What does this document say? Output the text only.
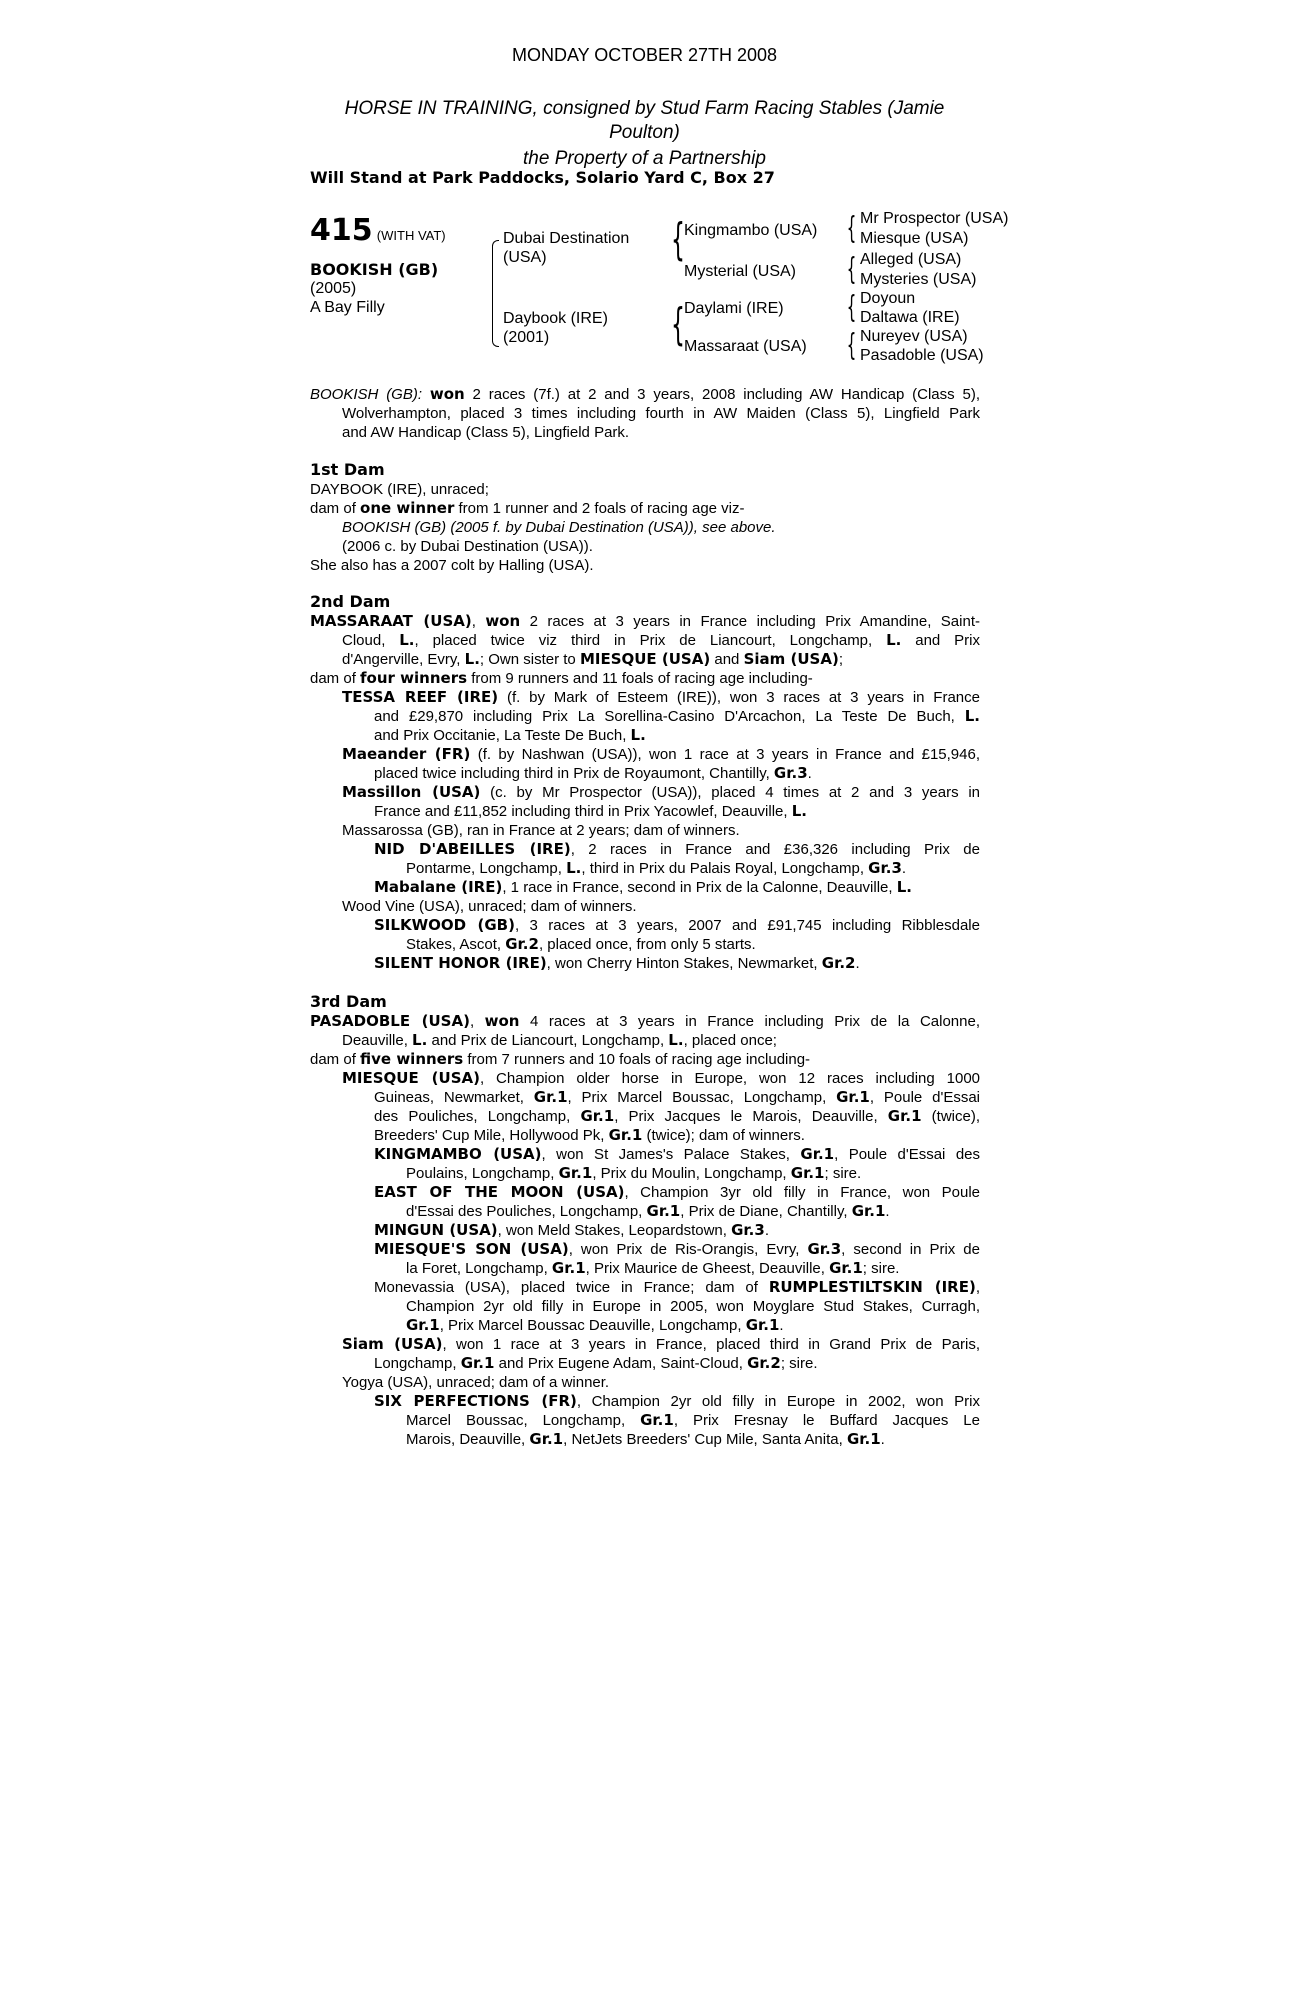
MONDAY OCTOBER 27TH 2008
HORSE IN TRAINING, consigned by Stud Farm Racing Stables (Jamie
Poulton)
the Property of a Partnership
Will Stand at Park Paddocks, Solario Yard C, Box 27
415 (WITH VAT)
BOOKISH (GB)
(2005)
A Bay Filly
Dubai Destination
(USA)
Daybook (IRE)
(2001)
{
{
Kingmambo (USA)
Mysterial (USA)
Daylami (IRE)
Massaraat (USA)
{
{
{
{
Mr Prospector (USA)
Miesque (USA)
Alleged (USA)
Mysteries (USA)
Doyoun
Daltawa (IRE)
Nureyev (USA)
Pasadoble (USA)
BOOKISH (GB): won 2 races (7f.) at 2 and 3 years, 2008 including AW Handicap (Class 5),
Wolverhampton, placed 3 times including fourth in AW Maiden (Class 5), Lingfield Park
and AW Handicap (Class 5), Lingfield Park.
1st Dam
DAYBOOK (IRE), unraced;
dam of one winner from 1 runner and 2 foals of racing age viz-
BOOKISH (GB) (2005 f. by Dubai Destination (USA)), see above.
(2006 c. by Dubai Destination (USA)).
She also has a 2007 colt by Halling (USA).
2nd Dam
MASSARAAT (USA), won 2 races at 3 years in France including Prix Amandine, Saint-
Cloud, L., placed twice viz third in Prix de Liancourt, Longchamp, L. and Prix
d'Angerville, Evry, L.; Own sister to MIESQUE (USA) and Siam (USA);
dam of four winners from 9 runners and 11 foals of racing age including-
TESSA REEF (IRE) (f. by Mark of Esteem (IRE)), won 3 races at 3 years in France
and £29,870 including Prix La Sorellina-Casino D'Arcachon, La Teste De Buch, L.
and Prix Occitanie, La Teste De Buch, L.
Maeander (FR) (f. by Nashwan (USA)), won 1 race at 3 years in France and £15,946,
placed twice including third in Prix de Royaumont, Chantilly, Gr.3.
Massillon (USA) (c. by Mr Prospector (USA)), placed 4 times at 2 and 3 years in
France and £11,852 including third in Prix Yacowlef, Deauville, L.
Massarossa (GB), ran in France at 2 years; dam of winners.
NID D'ABEILLES (IRE), 2 races in France and £36,326 including Prix de
Pontarme, Longchamp, L., third in Prix du Palais Royal, Longchamp, Gr.3.
Mabalane (IRE), 1 race in France, second in Prix de la Calonne, Deauville, L.
Wood Vine (USA), unraced; dam of winners.
SILKWOOD (GB), 3 races at 3 years, 2007 and £91,745 including Ribblesdale
Stakes, Ascot, Gr.2, placed once, from only 5 starts.
SILENT HONOR (IRE), won Cherry Hinton Stakes, Newmarket, Gr.2.
3rd Dam
PASADOBLE (USA), won 4 races at 3 years in France including Prix de la Calonne,
Deauville, L. and Prix de Liancourt, Longchamp, L., placed once;
dam of five winners from 7 runners and 10 foals of racing age including-
MIESQUE (USA), Champion older horse in Europe, won 12 races including 1000
Guineas, Newmarket, Gr.1, Prix Marcel Boussac, Longchamp, Gr.1, Poule d'Essai
des Pouliches, Longchamp, Gr.1, Prix Jacques le Marois, Deauville, Gr.1 (twice),
Breeders' Cup Mile, Hollywood Pk, Gr.1 (twice); dam of winners.
KINGMAMBO (USA), won St James's Palace Stakes, Gr.1, Poule d'Essai des
Poulains, Longchamp, Gr.1, Prix du Moulin, Longchamp, Gr.1; sire.
EAST OF THE MOON (USA), Champion 3yr old filly in France, won Poule
d'Essai des Pouliches, Longchamp, Gr.1, Prix de Diane, Chantilly, Gr.1.
MINGUN (USA), won Meld Stakes, Leopardstown, Gr.3.
MIESQUE'S SON (USA), won Prix de Ris-Orangis, Evry, Gr.3, second in Prix de
la Foret, Longchamp, Gr.1, Prix Maurice de Gheest, Deauville, Gr.1; sire.
Monevassia (USA), placed twice in France; dam of RUMPLESTILTSKIN (IRE),
Champion 2yr old filly in Europe in 2005, won Moyglare Stud Stakes, Curragh,
Gr.1, Prix Marcel Boussac Deauville, Longchamp, Gr.1.
Siam (USA), won 1 race at 3 years in France, placed third in Grand Prix de Paris,
Longchamp, Gr.1 and Prix Eugene Adam, Saint-Cloud, Gr.2; sire.
Yogya (USA), unraced; dam of a winner.
SIX PERFECTIONS (FR), Champion 2yr old filly in Europe in 2002, won Prix
Marcel Boussac, Longchamp, Gr.1, Prix Fresnay le Buffard Jacques Le
Marois, Deauville, Gr.1, NetJets Breeders' Cup Mile, Santa Anita, Gr.1.
